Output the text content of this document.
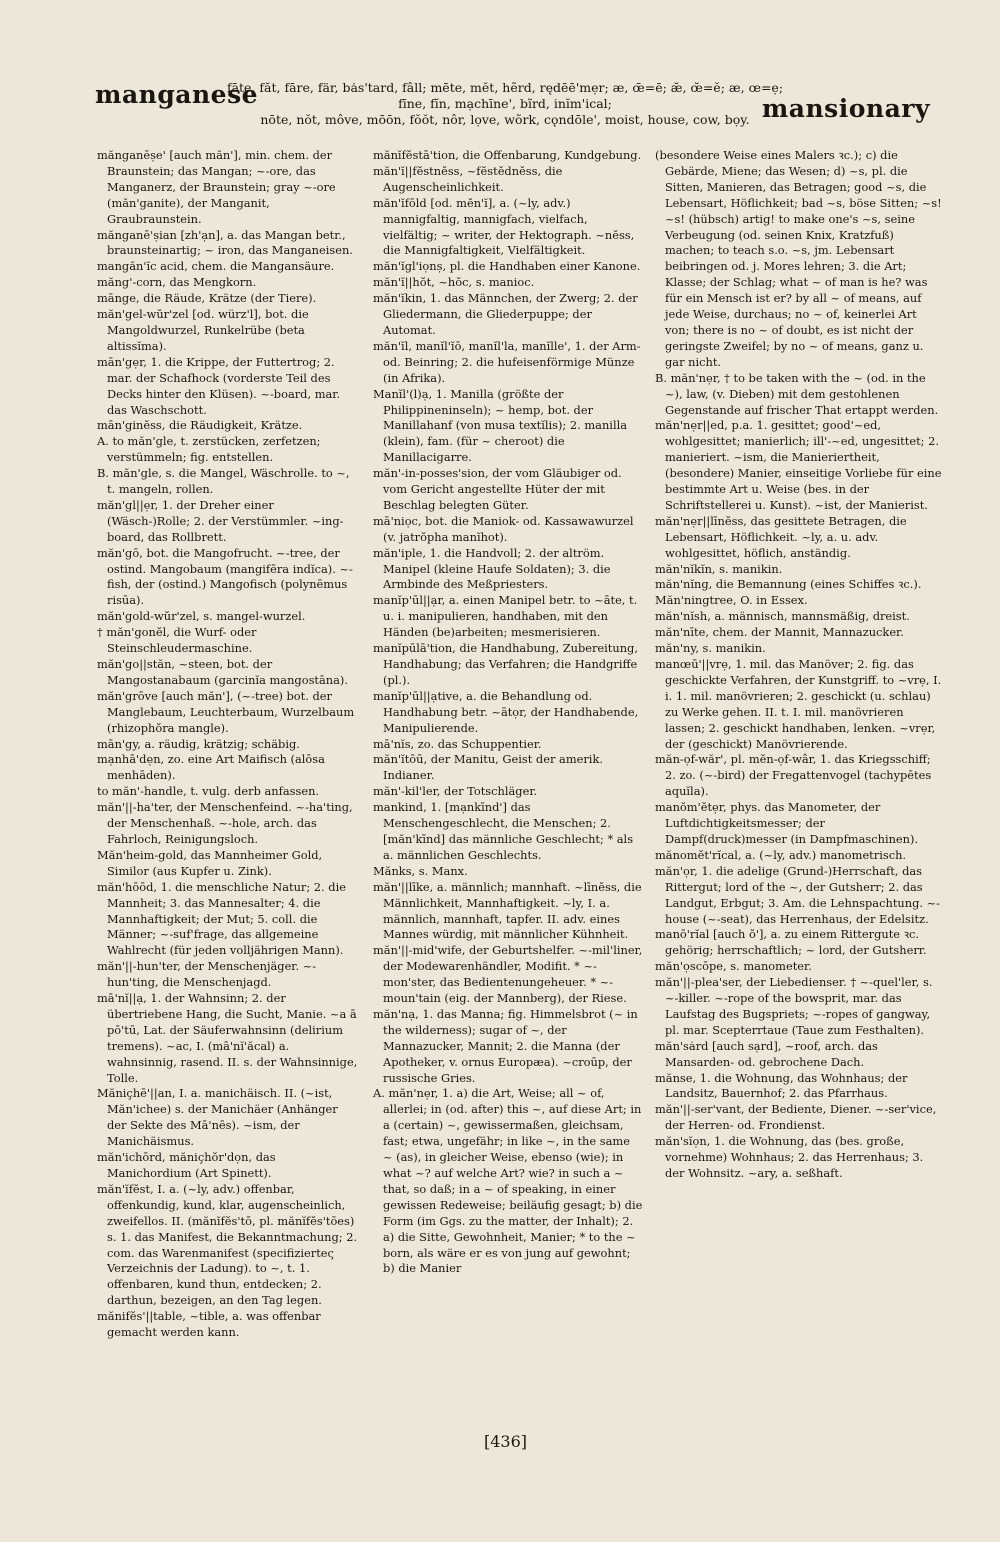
manganese
fāte, făt, fāre, fär, bȧs'tard, fâll; mēte, mĕt, hẽrd, rędēē'mẹr; æ, œ̄=ē; æ̆, œ̆=ĕ; æ, œ=ẹ;
fīne, fĭn, mạchīne', bĩrd, inĭm'ical;
nōte, nŏt, môve, mōōn, fŏŏt, nôr, lọve, wõrk, cǫndōle', moist, house, cow, bọy. mansionary

mănganēṣe' [auch măn'], min. chem. der Braunstein; das Mangan; ~-ore, das Manganerz, der Braunstein; gray ~-ore (măn'ganite), der Manganit, Graubraunstein.

mănganē'ṣian [zh'ạn], a. das Mangan betr., braunsteinartig; ~ iron, das Manganeisen.

mangăn'ĭc acid, chem. die Mangansäure.

măng'-corn, das Mengkorn.

mānge, die Räude, Krätze (der Tiere).

măn'gel-wŭr'zel [od. würz'l], bot. die Mangoldwurzel, Runkelrübe (beta altissĭma).

mān'gẹr, 1. die Krippe, der Futtertrog; 2. mar. der Schafhock (vorderste Teil des Decks hinter den Klüsen). ~-board, mar. das Waschschott.

mān'ginĕss, die Räudigkeit, Krätze.

A. to măn'gle, t. zerstücken, zerfetzen; verstümmeln; fig. entstellen.

B. măn'gle, s. die Mangel, Wäschrolle. to ~, t. mangeln, rollen.

măn'gl||ẹr, 1. der Dreher einer (Wäsch-)Rolle; 2. der Verstümmler. ~ing-board, das Rollbrett.

măn'gō, bot. die Mangofrucht. ~-tree, der ostind. Mangobaum (mangifēra indĭca). ~-fish, der (ostind.) Mangofisch (polynēmus risūa).

măn'gold-wŭr'zel, s. mangel-wurzel.

† măn'gonĕl, die Wurf- oder Steinschleudermaschine.

măn'go||stăn, ~steen, bot. der Mangostanabaum (garcinĭa mangostāna).

măn'grōve [auch măn'], (~-tree) bot. der Manglebaum, Leuchterbaum, Wurzelbaum (rhizophŏra mangle).

mān'gy, a. räudig, krätzig; schäbig.

mạnhā'dẹn, zo. eine Art Maifisch (alōsa menhāden).

to măn'-handle, t. vulg. derb anfassen.

măn'||-ha'ter, der Menschenfeind. ~-ha'ting, der Menschenhaß. ~-hole, arch. das Fahrloch, Reinigungsloch.

Măn'heim-gold, das Mannheimer Gold, Similor (aus Kupfer u. Zink).

măn'hōōd, 1. die menschliche Natur; 2. die Mannheit; 3. das Mannesalter; 4. die Mannhaftigkeit; der Mut; 5. coll. die Männer; ~-suf'frage, das allgemeine Wahlrecht (für jeden volljährigen Mann).

măn'||-hun'ter, der Menschenjäger. ~-hun'ting, die Menschenjagd.

mā'nĭ||ạ, 1. der Wahnsinn; 2. der übertriebene Hang, die Sucht, Manie. ~a ā pō'tū, Lat. der Säuferwahnsinn (delirium tremens). ~ac, I. (mā'nĭ'ăcal) a. wahnsinnig, rasend. II. s. der Wahnsinnige, Tolle.

Măniçhē'||an, I. a. manichäisch. II. (~ist, Măn'ichee) s. der Manichäer (Anhänger der Sekte des Mā'nēs). ~ism, der Manichäismus.

măn'ichōrd, măniçhŏr'dọn, das Manichordium (Art Spinett).

măn'ĭfĕst, I. a. (~ly, adv.) offenbar, offenkundig, kund, klar, augenscheinlich, zweifellos. II. (mănĭfĕs'tō, pl. mănĭfĕs'tōes) s. 1. das Manifest, die Bekanntmachung; 2. com. das Warenmanifest (specifizierteς Verzeichnis der Ladung). to ~, t. 1. offenbaren, kund thun, entdecken; 2. darthun, bezeigen, an den Tag legen.

mănifĕs'||table, ~tible, a. was offenbar gemacht werden kann.

mănĭfĕstā'tion, die Offenbarung, Kundgebung.

măn'ĭ||fĕstnĕss, ~fĕstĕdnĕss, die Augenscheinlichkeit.

măn'ĭfōld [od. mĕn'ĭ], a. (~ly, adv.) mannigfaltig, mannigfach, vielfach, vielfältig; ~ writer, der Hektograph. ~nĕss, die Mannigfaltigkeit, Vielfältigkeit.

măn'ĭgl'iọnṣ, pl. die Handhaben einer Kanone.

măn'ĭ||hŏt, ~hŏc, s. manioc.

măn'ĭkin, 1. das Männchen, der Zwerg; 2. der Gliedermann, die Gliederpuppe; der Automat.

măn'ĭl, manĭl'ĭō, manĭl'la, manĭlle', 1. der Arm- od. Beinring; 2. die hufeisenförmige Münze (in Afrika).

Manĭl'(l)ạ, 1. Manilla (größte der Philippineninseln); ~ hemp, bot. der Manillahanf (von musa textĭlis); 2. manilla (klein), fam. (für ~ cheroot) die Manillacigarre.

măn'-in-posses'sion, der vom Gläubiger od. vom Gericht angestellte Hüter der mit Beschlag belegten Güter.

mā'niọc, bot. die Maniok- od. Kassawawurzel (v. jatrŏpha manĭhot).

măn'iple, 1. die Handvoll; 2. der altröm. Manipel (kleine Haufe Soldaten); 3. die Armbinde des Meßpriesters.

manĭp'ūl||ạr, a. einen Manipel betr. to ~āte, t. u. i. manipulieren, handhaben, mit den Händen (be)arbeiten; mesmerisieren.

manĭpūlā'tion, die Handhabung, Zubereitung, Handhabung; das Verfahren; die Handgriffe (pl.).

manĭp'ūl||ạtive, a. die Behandlung od. Handhabung betr. ~ātọr, der Handhabende, Manipulierende.

mā'nĭs, zo. das Schuppentier.

măn'ĭtōū, der Manitu, Geist der amerik. Indianer.

măn'-kil'ler, der Totschläger.

mankind, 1. [mạnkīnd'] das Menschengeschlecht, die Menschen; 2. [măn'kīnd] das männliche Geschlecht; * als a. männlichen Geschlechts.

Mănks, s. Manx.

măn'||līke, a. männlich; mannhaft. ~līnĕss, die Männlichkeit, Mannhaftigkeit. ~ly, I. a. männlich, mannhaft, tapfer. II. adv. eines Mannes würdig, mit männlicher Kühnheit.

măn'||-mid'wife, der Geburtshelfer. ~-mil'liner, der Modewarenhändler, Modifit. * ~-mon'ster, das Bedientenungeheuer. * ~-moun'tain (eig. der Mannberg), der Riese.

măn'nạ, 1. das Manna; fig. Himmelsbrot (~ in the wilderness); sugar of ~, der Mannazucker, Mannit; 2. die Manna (der Apotheker, v. ornus Europæa). ~croūp, der russische Gries.

A. măn'nẹr, 1. a) die Art, Weise; all ~ of, allerlei; in (od. after) this ~, auf diese Art; in a (certain) ~, gewissermaßen, gleichsam, fast; etwa, ungefähr; in like ~, in the same ~ (as), in gleicher Weise, ebenso (wie); in what ~? auf welche Art? wie? in such a ~ that, so daß; in a ~ of speaking, in einer gewissen Redeweise; beiläufig gesagt; b) die Form (im Ggs. zu the matter, der Inhalt); 2. a) die Sitte, Gewohnheit, Manier; * to the ~ born, als wäre er es von jung auf gewohnt; b) die Manier

(besondere Weise eines Malers ꝛc.); c) die Gebärde, Miene; das Wesen; d) ~s, pl. die Sitten, Manieren, das Betragen; good ~s, die Lebensart, Höflichkeit; bad ~s, böse Sitten; ~s! ~s! (hübsch) artig! to make one's ~s, seine Verbeugung (od. seinen Knix, Kratzfuß) machen; to teach s.o. ~s, jm. Lebensart beibringen od. j. Mores lehren; 3. die Art; Klasse; der Schlag; what ~ of man is he? was für ein Mensch ist er? by all ~ of means, auf jede Weise, durchaus; no ~ of, keinerlei Art von; there is no ~ of doubt, es ist nicht der geringste Zweifel; by no ~ of means, ganz u. gar nicht.

B. măn'nẹr, † to be taken with the ~ (od. in the ~), law, (v. Dieben) mit dem gestohlenen Gegenstande auf frischer That ertappt werden.

măn'nẹr||ed, p.a. 1. gesittet; good'~ed, wohlgesittet; manierlich; ill'-~ed, ungesittet; 2. manieriert. ~ism, die Manieriertheit, (besondere) Manier, einseitige Vorliebe für eine bestimmte Art u. Weise (bes. in der Schriftstellerei u. Kunst). ~ist, der Manierist.

măn'nẹr||līnĕss, das gesittete Betragen, die Lebensart, Höflichkeit. ~ly, a. u. adv. wohlgesittet, höflich, anständig.

măn'nĭkĭn, s. manikin.

măn'nĭng, die Bemannung (eines Schiffes ꝛc.).

Măn'ningtree, O. in Essex.

măn'nĭsh, a. männisch, mannsmäßig, dreist.

măn'nīte, chem. der Mannit, Mannazucker.

măn'ny, s. manikin.

manœū'||vrẹ, 1. mil. das Manöver; 2. fig. das geschickte Verfahren, der Kunstgriff. to ~vrẹ, I. i. 1. mil. manövrieren; 2. geschickt (u. schlau) zu Werke gehen. II. t. I. mil. manövrieren lassen; 2. geschickt handhaben, lenken. ~vrẹr, der (geschickt) Manövrierende.

măn-ọf-wăr', pl. mĕn-ọf-wâr, 1. das Kriegsschiff; 2. zo. (~-bird) der Fregattenvogel (tachypētes aquĭla).

manŏm'ĕtẹr, phys. das Manometer, der Luftdichtigkeitsmesser; der Dampf(druck)messer (in Dampfmaschinen).

mănomĕt'rĭcal, a. (~ly, adv.) manometrisch.

măn'ọr, 1. die adelige (Grund-)Herrschaft, das Rittergut; lord of the ~, der Gutsherr; 2. das Landgut, Erbgut; 3. Am. die Lehnspachtung. ~-house (~-seat), das Herrenhaus, der Edelsitz.

manō'rĭal [auch ŏ'], a. zu einem Rittergute ꝛc. gehörig; herrschaftlich; ~ lord, der Gutsherr.

măn'ọscōpe, s. manometer.

măn'||-plea'ser, der Liebedienser. † ~-quel'ler, s. ~-killer. ~-rope of the bowsprit, mar. das Laufstag des Bugspriets; ~-ropes of gangway, pl. mar. Scepterrtaue (Taue zum Festhalten).

măn'sȧrd [auch sạrd], ~roof, arch. das Mansarden- od. gebrochene Dach.

mănse, 1. die Wohnung, das Wohnhaus; der Landsitz, Bauernhof; 2. das Pfarrhaus.

măn'||-ser'vant, der Bediente, Diener. ~-ser'vice, der Herren- od. Frondienst.

măn'sĭọn, 1. die Wohnung, das (bes. große, vornehme) Wohnhaus; 2. das Herrenhaus; 3. der Wohnsitz. ~ary, a. seßhaft.

[436]
